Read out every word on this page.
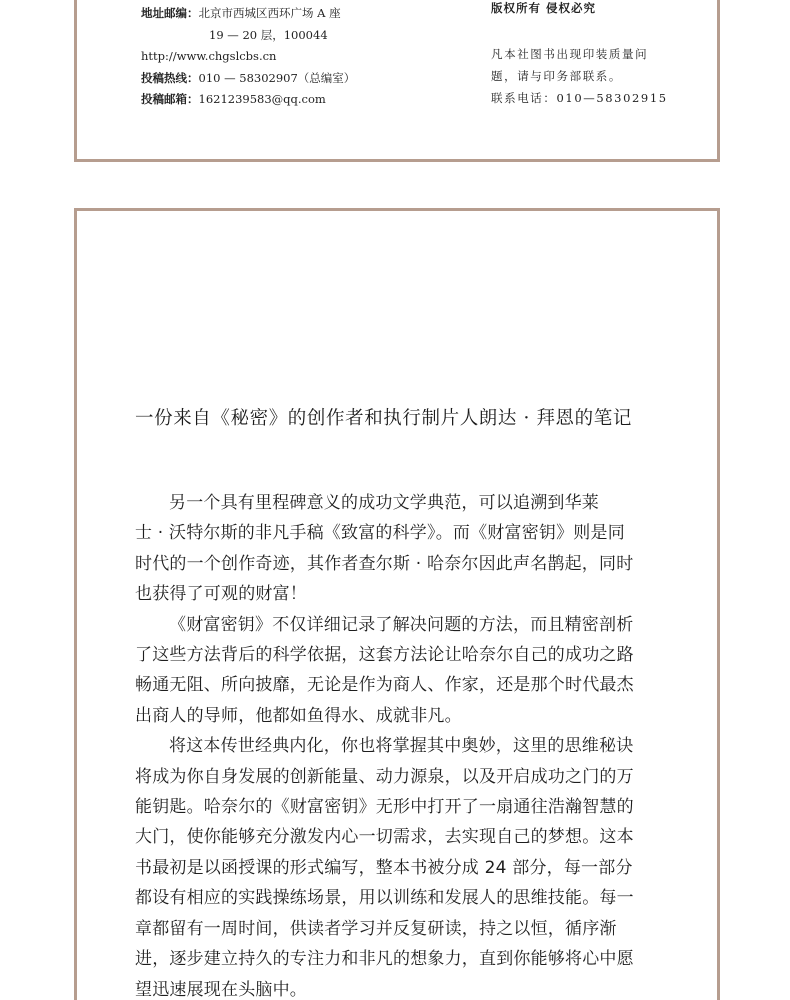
地址邮编：北京市西城区西环广场 A 座
19 — 20 层，100044
http://www.chgslcbs.cn
投稿热线：010 — 58302907（总编室）
投稿邮箱：1621239583@qq.com
版权所有 侵权必究
凡本社图书出现印装质量问
题，请与印务部联系。
联系电话：010—58302915
一份来自《秘密》的创作者和执行制片人朗达 · 拜恩的笔记

另一个具有里程碑意义的成功文学典范，可以追溯到华莱
士 · 沃特尔斯的非凡手稿《致富的科学》。而《财富密钥》则是同
时代的一个创作奇迹，其作者查尔斯 · 哈奈尔因此声名鹊起，同时
也获得了可观的财富！

《财富密钥》不仅详细记录了解决问题的方法，而且精密剖析
了这些方法背后的科学依据，这套方法论让哈奈尔自己的成功之路
畅通无阻、所向披靡，无论是作为商人、作家，还是那个时代最杰
出商人的导师，他都如鱼得水、成就非凡。

将这本传世经典内化，你也将掌握其中奥妙，这里的思维秘诀
将成为你自身发展的创新能量、动力源泉，以及开启成功之门的万
能钥匙。哈奈尔的《财富密钥》无形中打开了一扇通往浩瀚智慧的
大门，使你能够充分激发内心一切需求，去实现自己的梦想。这本
书最初是以函授课的形式编写，整本书被分成 24 部分，每一部分
都设有相应的实践操练场景，用以训练和发展人的思维技能。每一
章都留有一周时间，供读者学习并反复研读，持之以恒，循序渐
进，逐步建立持久的专注力和非凡的想象力，直到你能够将心中愿
望迅速展现在头脑中。
